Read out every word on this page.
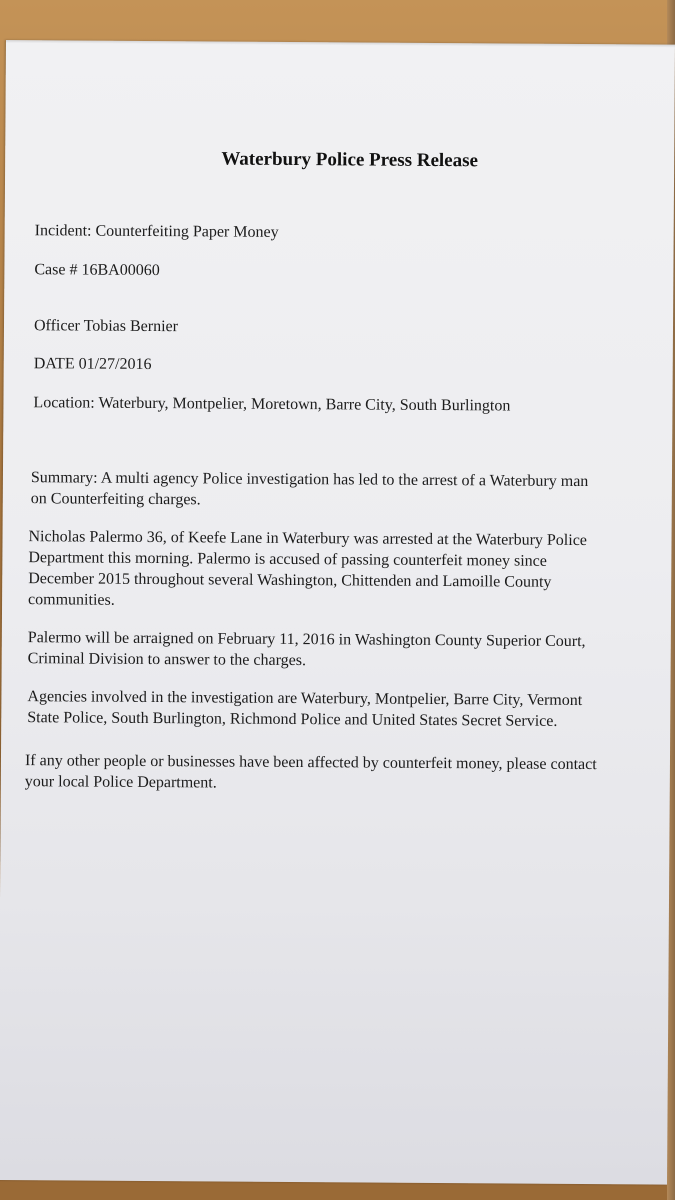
Waterbury Police Press Release
Incident: Counterfeiting Paper Money
Case # 16BA00060
Officer Tobias Bernier
DATE 01/27/2016
Location: Waterbury, Montpelier, Moretown, Barre City, South Burlington
Summary: A multi agency Police investigation has led to the arrest of a Waterbury man
on Counterfeiting charges.
Nicholas Palermo 36, of Keefe Lane in Waterbury was arrested at the Waterbury Police
Department this morning. Palermo is accused of passing counterfeit money since
December 2015 throughout several Washington, Chittenden and Lamoille County
communities.
Palermo will be arraigned on February 11, 2016 in Washington County Superior Court,
Criminal Division to answer to the charges.
Agencies involved in the investigation are Waterbury, Montpelier, Barre City, Vermont
State Police, South Burlington, Richmond Police and United States Secret Service.
If any other people or businesses have been affected by counterfeit money, please contact
your local Police Department.
